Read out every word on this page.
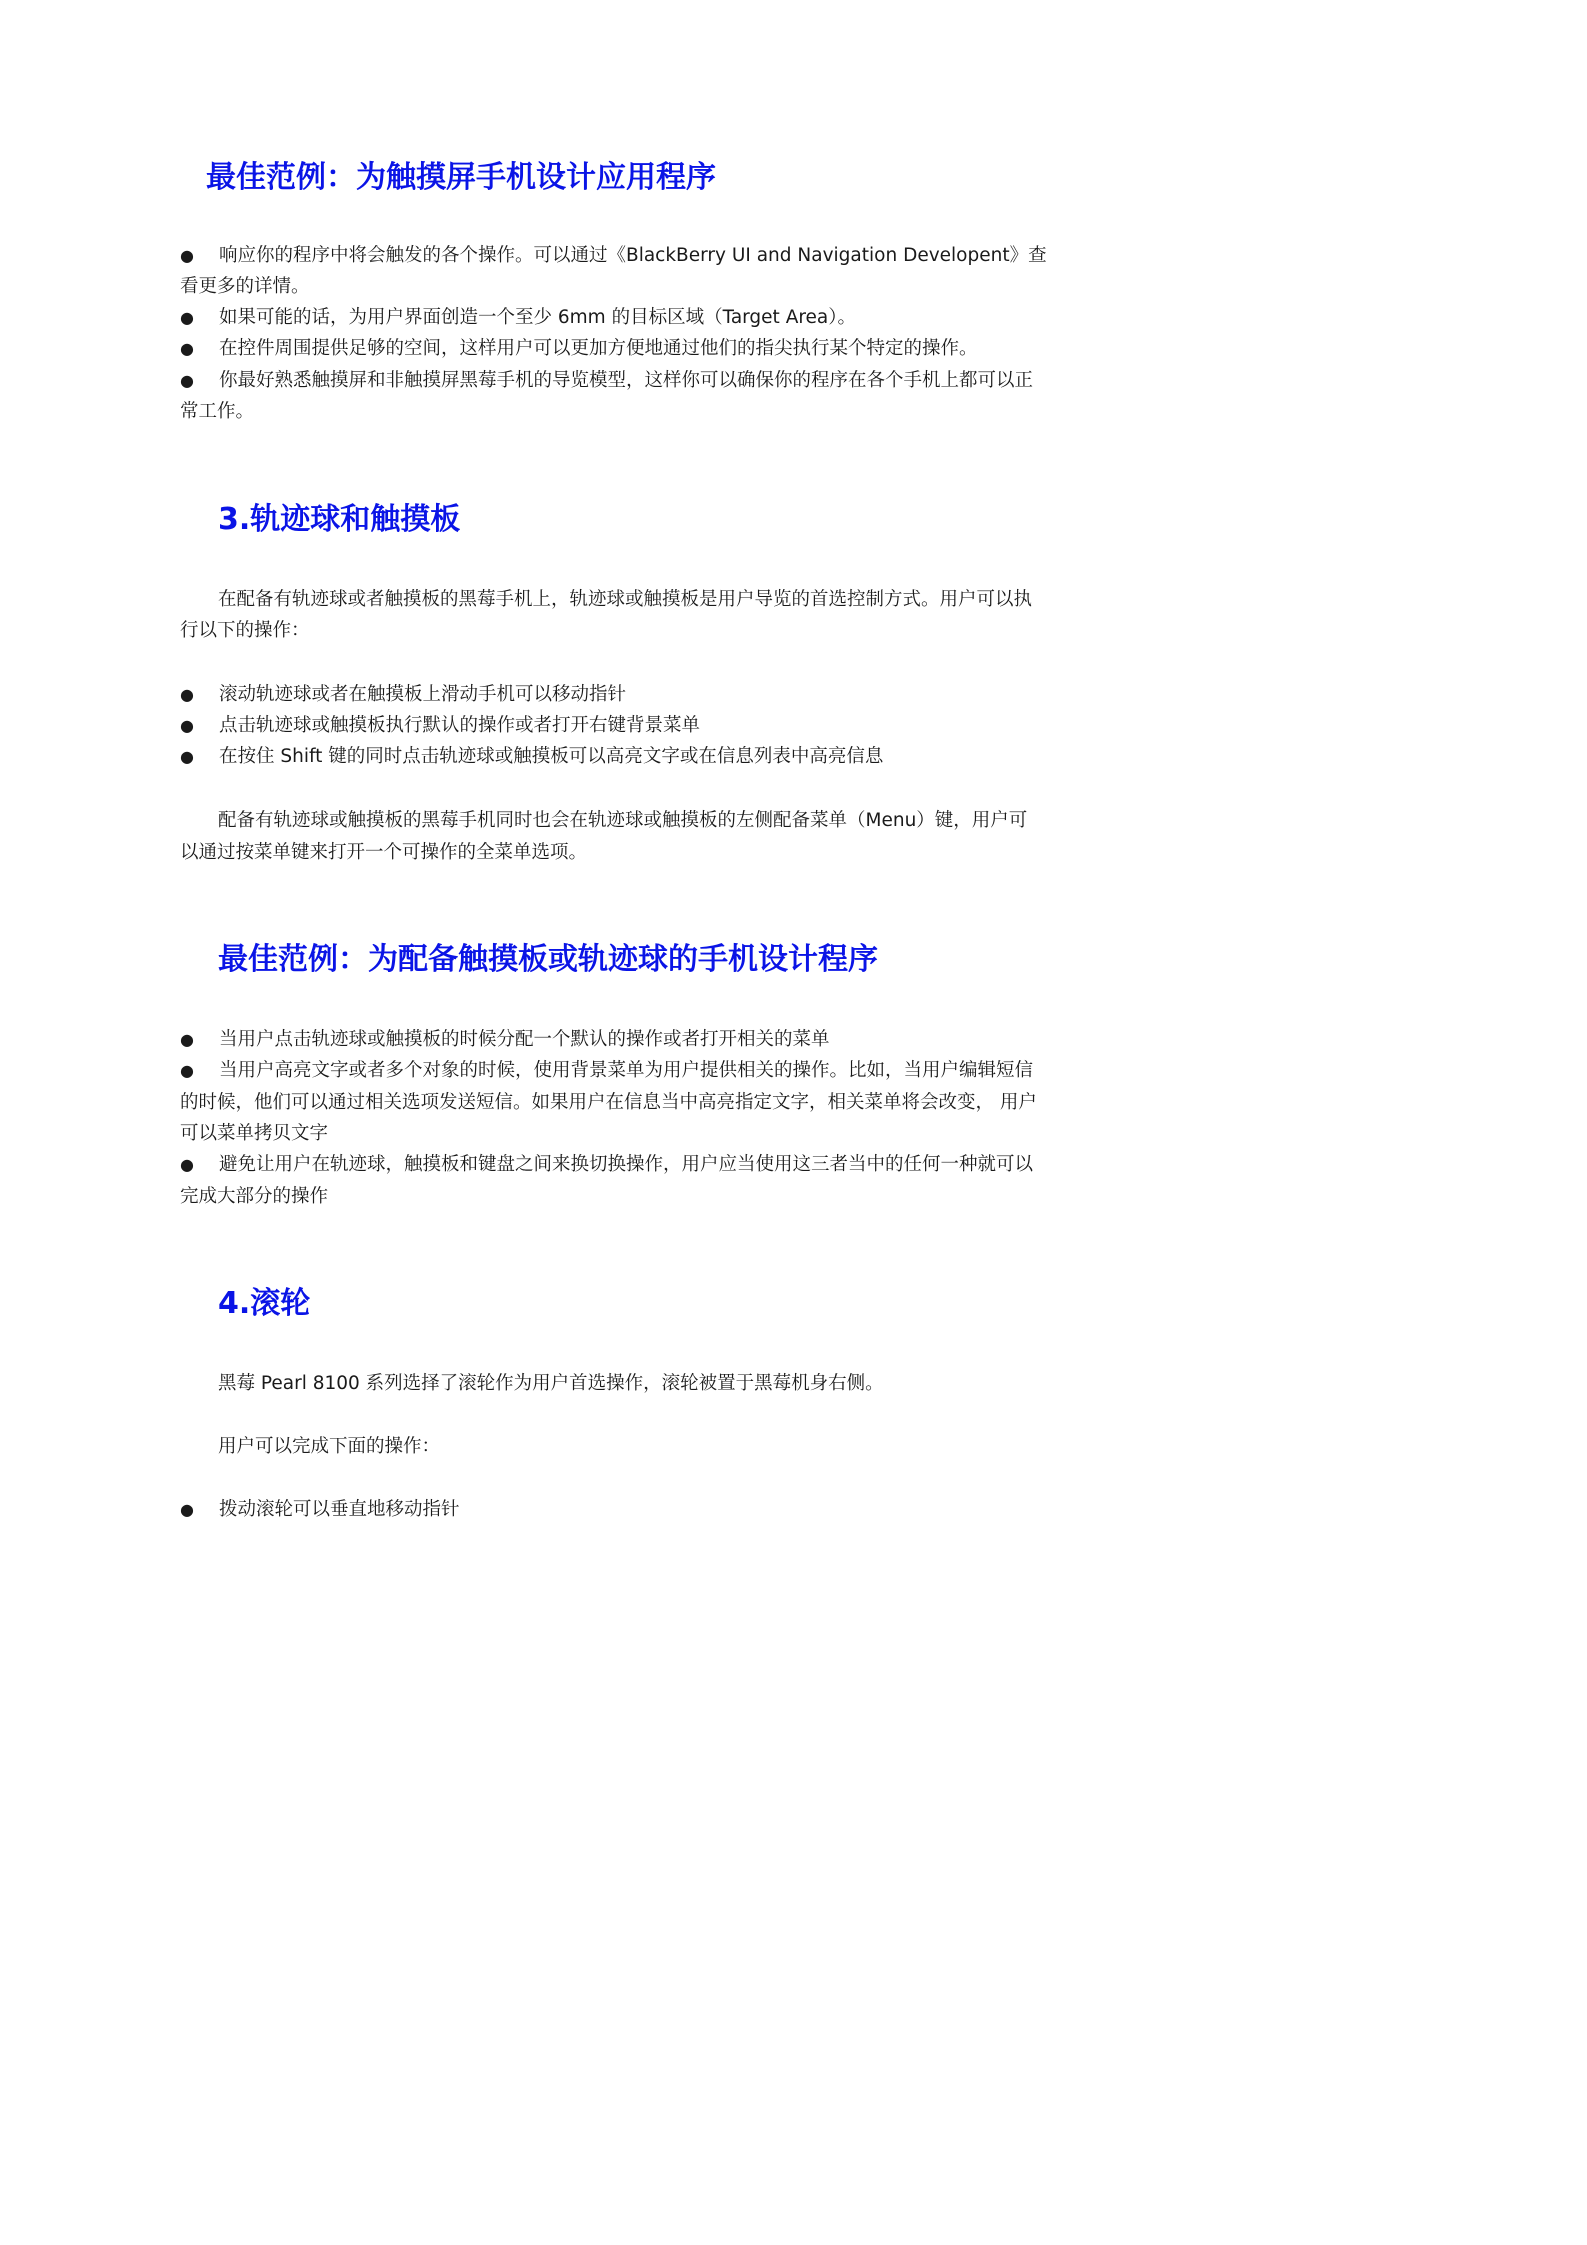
最佳范例：为触摸屏手机设计应用程序
● 响应你的程序中将会触发的各个操作。可以通过《BlackBerry UI and Navigation Developent》查

看更多的详情。

● 如果可能的话，为用户界面创造一个至少 6mm 的目标区域（Target Area）。
● 在控件周围提供足够的空间，这样用户可以更加方便地通过他们的指尖执行某个特定的操作。
● 你最好熟悉触摸屏和非触摸屏黑莓手机的导览模型，这样你可以确保你的程序在各个手机上都可以正

常工作。

3.轨迹球和触摸板

在配备有轨迹球或者触摸板的黑莓手机上，轨迹球或触摸板是用户导览的首选控制方式。用户可以执

行以下的操作：

● 滚动轨迹球或者在触摸板上滑动手机可以移动指针
● 点击轨迹球或触摸板执行默认的操作或者打开右键背景菜单
● 在按住 Shift 键的同时点击轨迹球或触摸板可以高亮文字或在信息列表中高亮信息

配备有轨迹球或触摸板的黑莓手机同时也会在轨迹球或触摸板的左侧配备菜单（Menu）键，用户可

以通过按菜单键来打开一个可操作的全菜单选项。

最佳范例：为配备触摸板或轨迹球的手机设计程序
● 当用户点击轨迹球或触摸板的时候分配一个默认的操作或者打开相关的菜单
● 当用户高亮文字或者多个对象的时候，使用背景菜单为用户提供相关的操作。比如，当用户编辑短信

的时候，他们可以通过相关选项发送短信。如果用户在信息当中高亮指定文字，相关菜单将会改变， 用户

可以菜单拷贝文字

● 避免让用户在轨迹球，触摸板和键盘之间来换切换操作，用户应当使用这三者当中的任何一种就可以

完成大部分的操作

4.滚轮

黑莓 Pearl 8100 系列选择了滚轮作为用户首选操作，滚轮被置于黑莓机身右侧。

用户可以完成下面的操作：

● 拨动滚轮可以垂直地移动指针
